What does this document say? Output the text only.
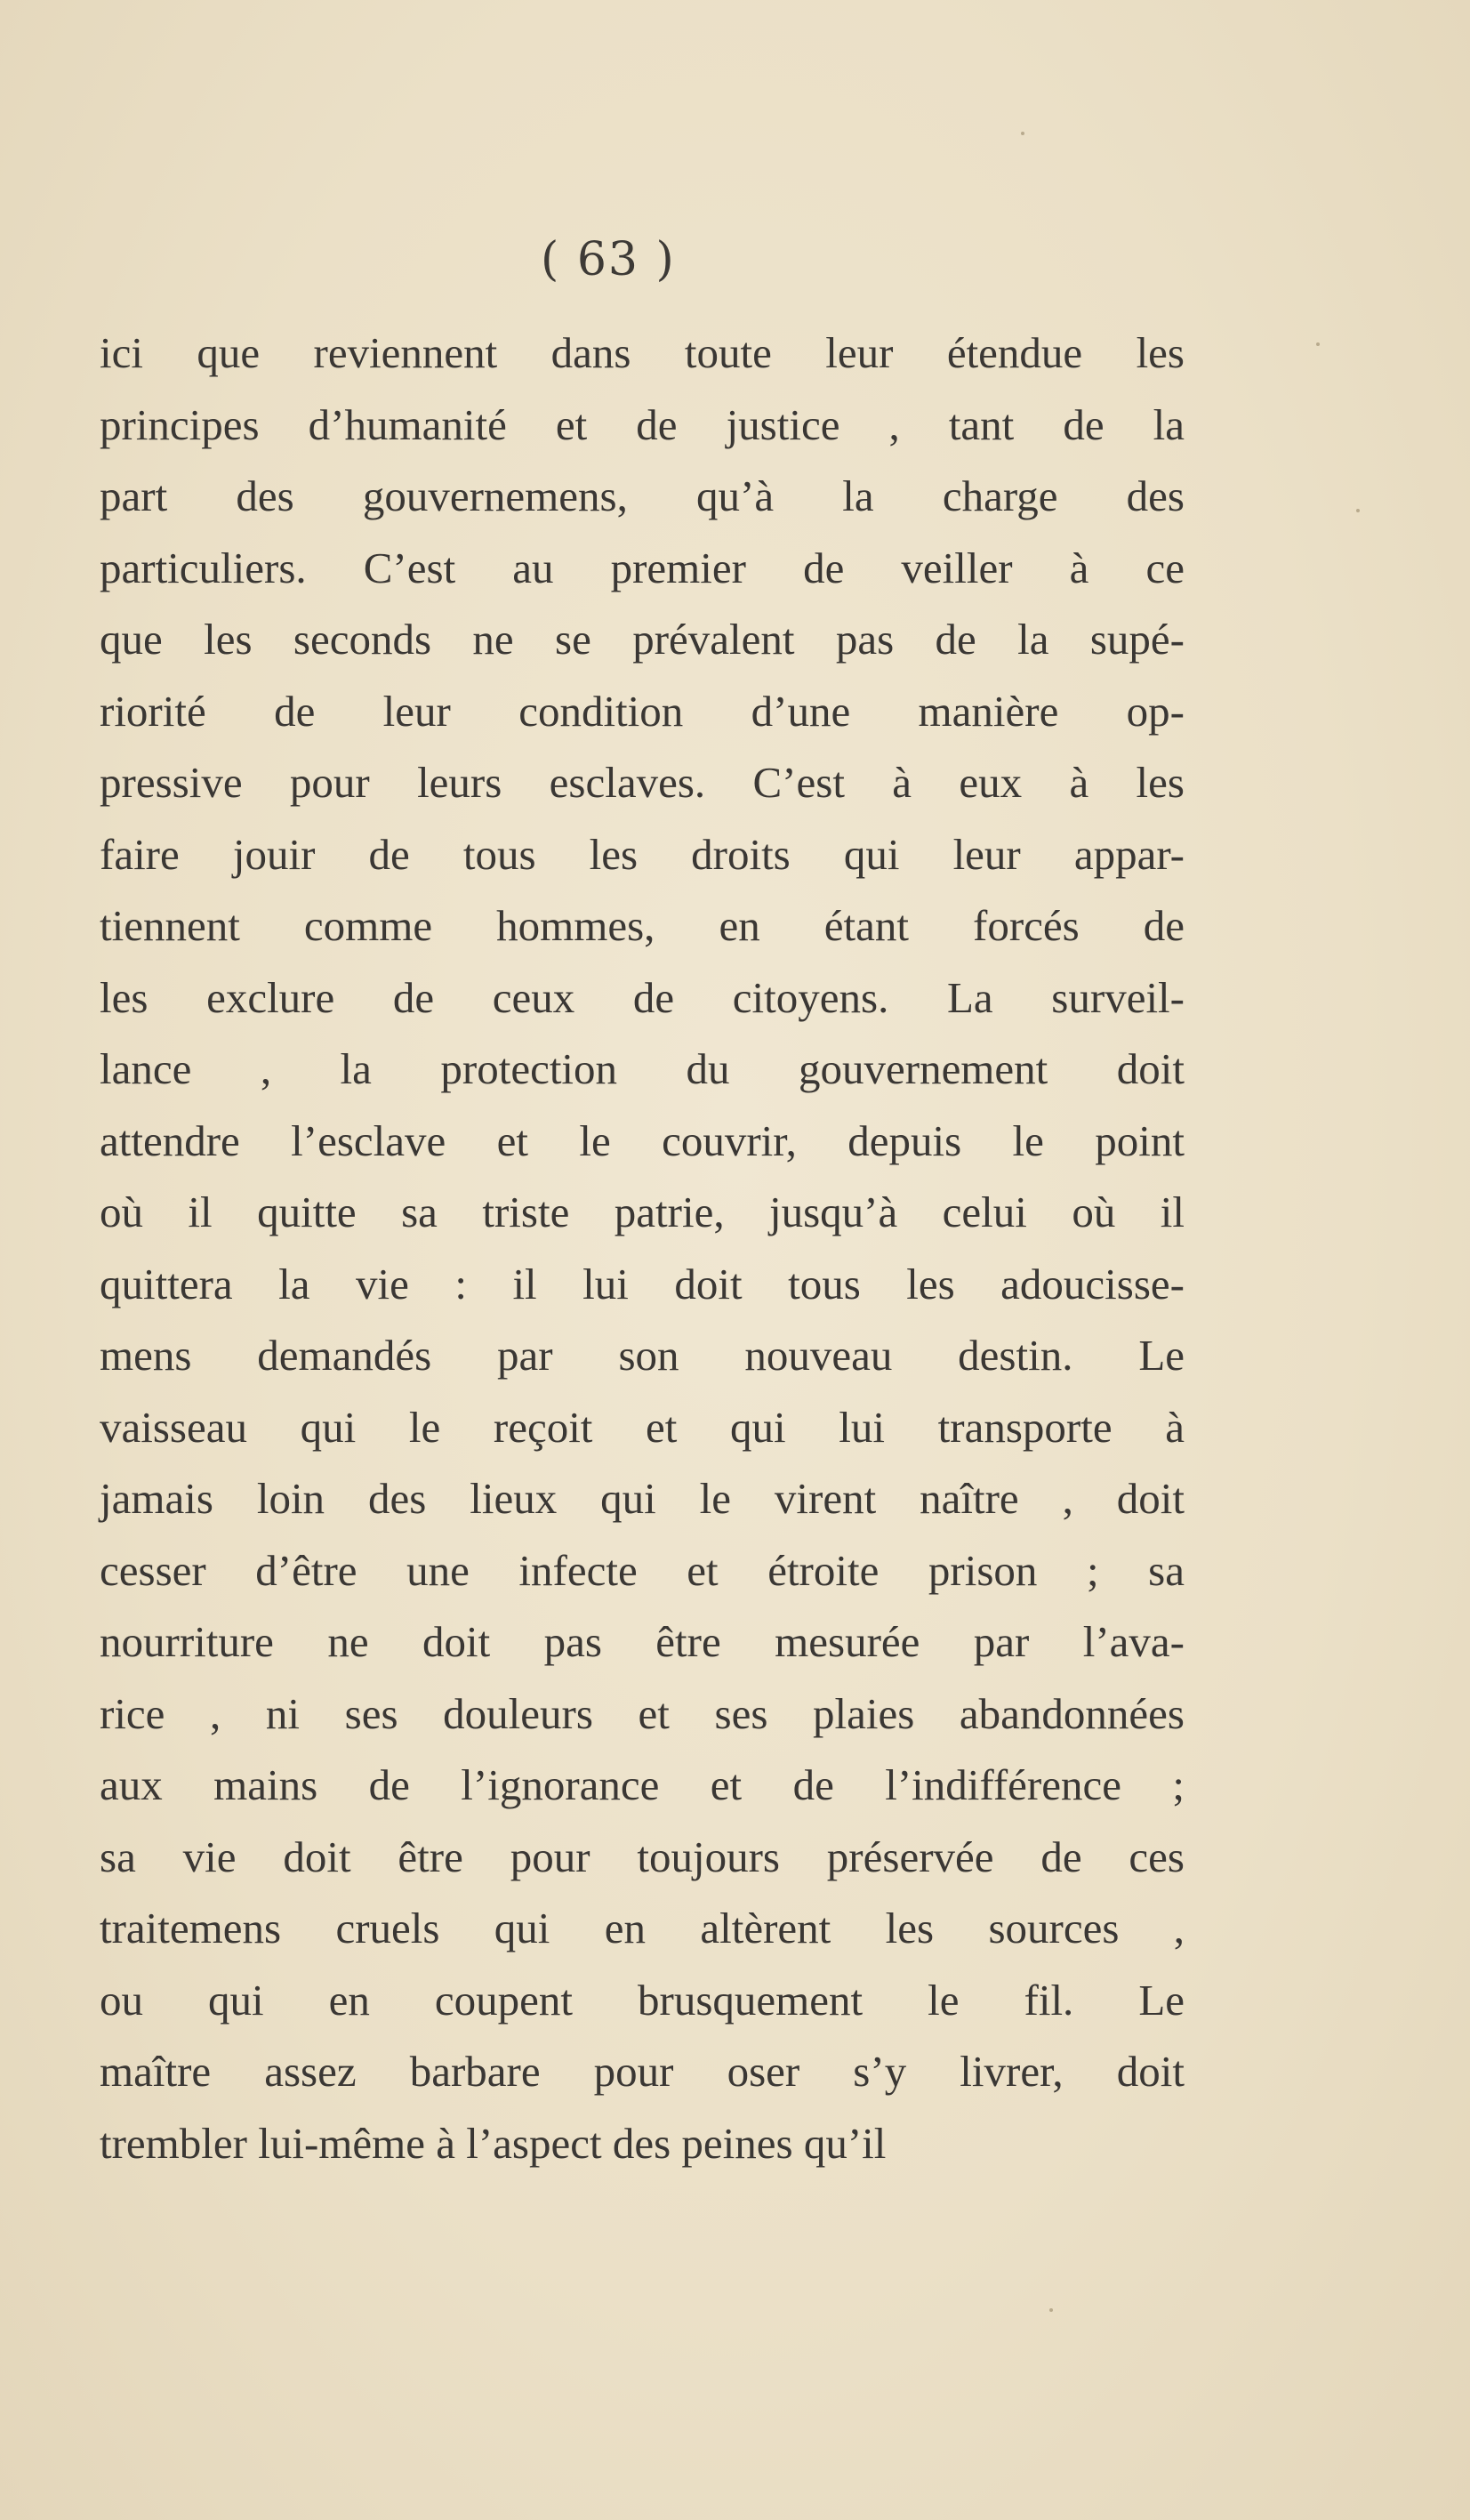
( 63 )
ici que reviennent dans toute leur étendue les
principes d’humanité et de justice , tant de la
part des gouvernemens, qu’à la charge des
particuliers. C’est au premier de veiller à ce
que les seconds ne se prévalent pas de la supé-
riorité de leur condition d’une manière op-
pressive pour leurs esclaves. C’est à eux à les
faire jouir de tous les droits qui leur appar-
tiennent comme hommes, en étant forcés de
les exclure de ceux de citoyens. La surveil-
lance , la protection du gouvernement doit
attendre l’esclave et le couvrir, depuis le point
où il quitte sa triste patrie, jusqu’à celui où il
quittera la vie : il lui doit tous les adoucisse-
mens demandés par son nouveau destin. Le
vaisseau qui le reçoit et qui lui transporte à
jamais loin des lieux qui le virent naître , doit
cesser d’être une infecte et étroite prison ; sa
nourriture ne doit pas être mesurée par l’ava-
rice , ni ses douleurs et ses plaies abandonnées
aux mains de l’ignorance et de l’indifférence ;
sa vie doit être pour toujours préservée de ces
traitemens cruels qui en altèrent les sources ,
ou qui en coupent brusquement le fil. Le
maître assez barbare pour oser s’y livrer, doit
trembler lui-même à l’aspect des peines qu’il
